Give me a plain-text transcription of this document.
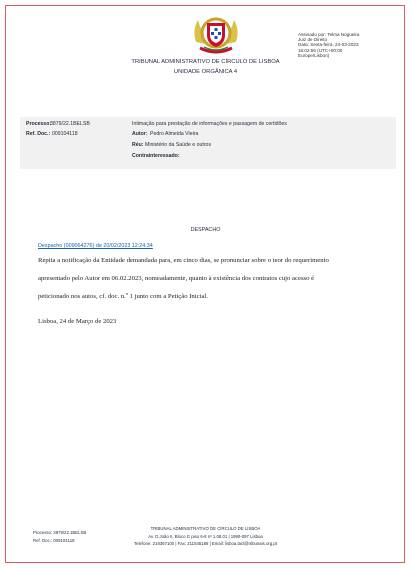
Assinado por: Telma Nogueira
Juiz de Direito
Data: Sexta-feira, 24-03-2023
16:02:56 (UTC+00:00
Europe/Lisbon)
TRIBUNAL ADMINISTRATIVO DE CÍRCULO DE LISBOA
UNIDADE ORGÂNICA 4
Processo:
3879/22.1BELSB
Ref. Doc.: 009104118
Intimação para prestação de informações e passagem de certidões
Autor: Pedro Almeida Vieira
Réu: Ministério da Saúde e outros
Contrainteressado:
DESPACHO
Despacho (009064276) de 20/02/2023 12:24:34
Repita a notificação da Entidade demandada para, em cinco dias, se pronunciar sobre o teor do requerimento
apresentado pelo Autor em 06.02.2023, nomeadamente, quanto à existência dos contratos cujo acesso é
peticionado nos autos, cf. doc. n.º 1 junto com a Petição Inicial.
Lisboa, 24 de Março de 2023
Processo: 3879/22.1BELSB
Ref. Doc.: 009104118
TRIBUNAL ADMINISTRATIVO DE CÍRCULO DE LISBOA
Av. D.João II, Bloco G piso 6-8 nº 1.08.01 | 1990-097 Lisboa
Telefone: 218367100 | Fax: 211545188 | Email: lisboa.tacl@tribunais.org.pt
